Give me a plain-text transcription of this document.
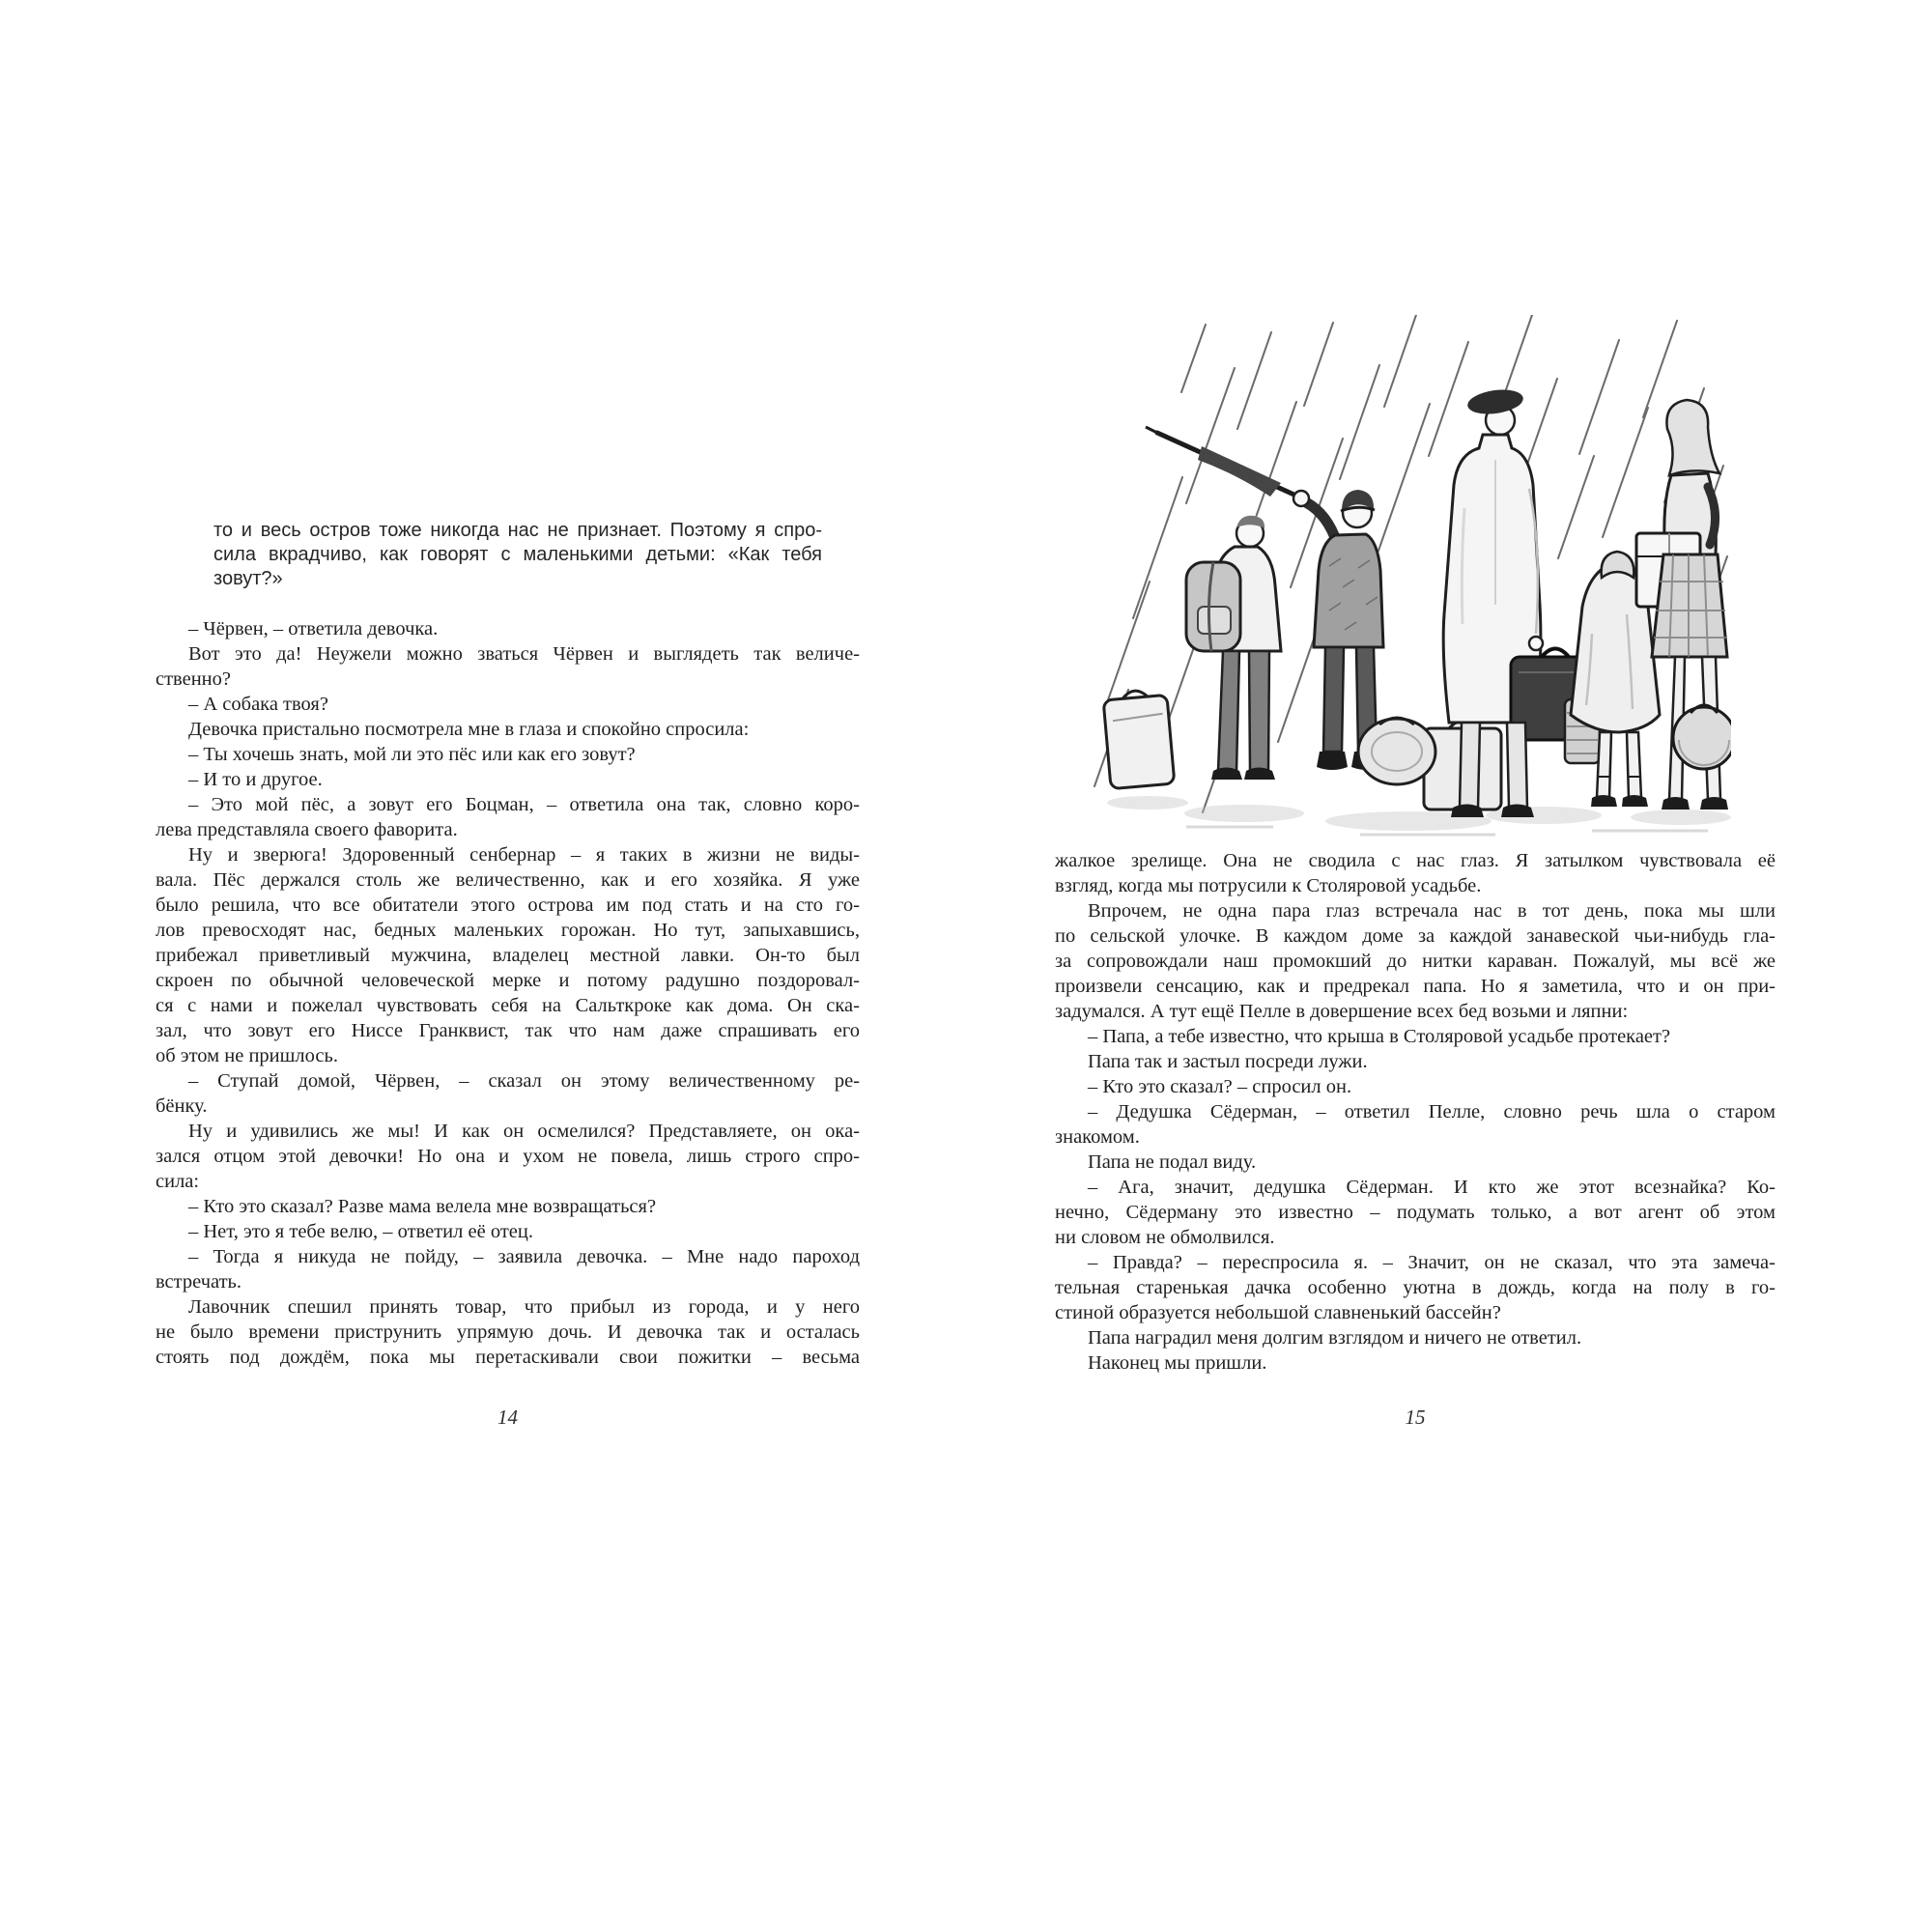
то и весь остров тоже никогда нас не признает. Поэтому я спро-
сила вкрадчиво, как говорят с маленькими детьми: «Как тебя
зовут?»
– Чёрвен, – ответила девочка.
Вот это да! Неужели можно зваться Чёрвен и выглядеть так величе-
ственно?
– А собака твоя?
Девочка пристально посмотрела мне в глаза и спокойно спросила:
– Ты хочешь знать, мой ли это пёс или как его зовут?
– И то и другое.
– Это мой пёс, а зовут его Боцман, – ответила она так, словно коро-
лева представляла своего фаворита.
Ну и зверюга! Здоровенный сенбернар – я таких в жизни не виды-
вала. Пёс держался столь же величественно, как и его хозяйка. Я уже
было решила, что все обитатели этого острова им под стать и на сто го-
лов превосходят нас, бедных маленьких горожан. Но тут, запыхавшись,
прибежал приветливый мужчина, владелец местной лавки. Он-то был
скроен по обычной человеческой мерке и потому радушно поздоровал-
ся с нами и пожелал чувствовать себя на Сальткроке как дома. Он ска-
зал, что зовут его Ниссе Гранквист, так что нам даже спрашивать его
об этом не пришлось.
– Ступай домой, Чёрвен, – сказал он этому величественному ре-
бёнку.
Ну и удивились же мы! И как он осмелился? Представляете, он ока-
зался отцом этой девочки! Но она и ухом не повела, лишь строго спро-
сила:
– Кто это сказал? Разве мама велела мне возвращаться?
– Нет, это я тебе велю, – ответил её отец.
– Тогда я никуда не пойду, – заявила девочка. – Мне надо пароход
встречать.
Лавочник спешил принять товар, что прибыл из города, и у него
не было времени приструнить упрямую дочь. И девочка так и осталась
стоять под дождём, пока мы перетаскивали свои пожитки – весьма
14
жалкое зрелище. Она не сводила с нас глаз. Я затылком чувствовала её
взгляд, когда мы потрусили к Столяровой усадьбе.
Впрочем, не одна пара глаз встречала нас в тот день, пока мы шли
по сельской улочке. В каждом доме за каждой занавеской чьи-нибудь гла-
за сопровождали наш промокший до нитки караван. Пожалуй, мы всё же
произвели сенсацию, как и предрекал папа. Но я заметила, что и он при-
задумался. А тут ещё Пелле в довершение всех бед возьми и ляпни:
– Папа, а тебе известно, что крыша в Столяровой усадьбе протекает?
Папа так и застыл посреди лужи.
– Кто это сказал? – спросил он.
– Дедушка Сёдерман, – ответил Пелле, словно речь шла о старом
знакомом.
Папа не подал виду.
– Ага, значит, дедушка Сёдерман. И кто же этот всезнайка? Ко-
нечно, Сёдерману это известно – подумать только, а вот агент об этом
ни словом не обмолвился.
– Правда? – переспросила я. – Значит, он не сказал, что эта замеча-
тельная старенькая дачка особенно уютна в дождь, когда на полу в го-
стиной образуется небольшой славненький бассейн?
Папа наградил меня долгим взглядом и ничего не ответил.
Наконец мы пришли.
15
